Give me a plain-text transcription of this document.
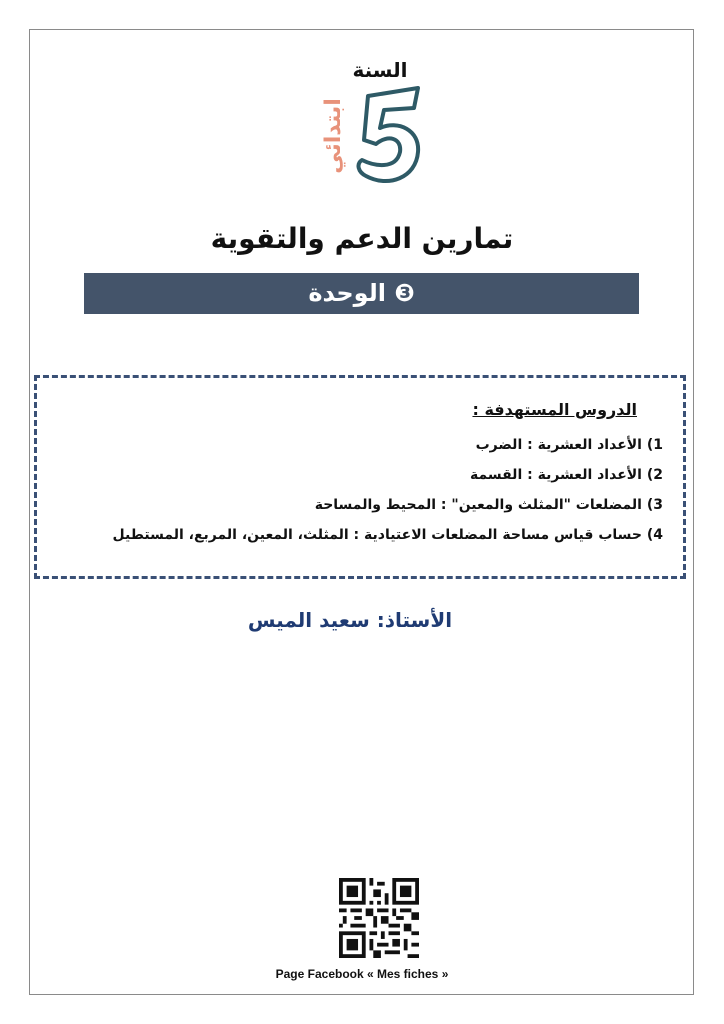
السنة
ابتدائي	5
تمارين الدعم والتقوية
الوحدة ❸
الدروس المستهدفة :
1) الأعداد العشرية : الضرب
2) الأعداد العشرية : القسمة
3) المضلعات "المثلث والمعين" : المحيط والمساحة
4) حساب قياس مساحة المضلعات الاعتيادية : المثلث، المعين، المربع، المستطيل
الأستاذ: سعيد الميس
Page Facebook « Mes fiches »
